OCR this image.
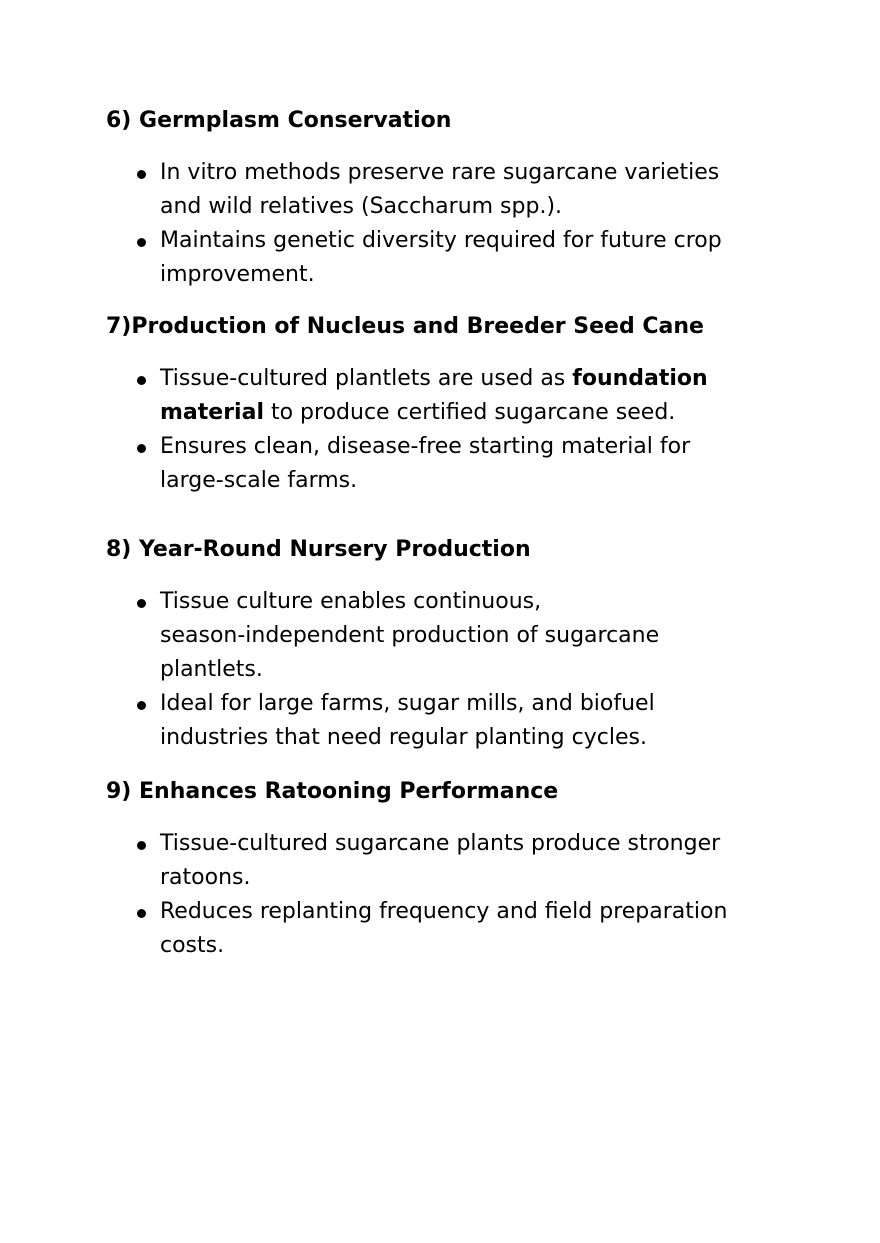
6) Germplasm Conservation
In vitro methods preserve rare sugarcane varieties
and wild relatives (Saccharum spp.).
Maintains genetic diversity required for future crop
improvement.
7)Production of Nucleus and Breeder Seed Cane
Tissue-cultured plantlets are used as foundation
material to produce certified sugarcane seed.
Ensures clean, disease-free starting material for
large-scale farms.
8) Year-Round Nursery Production
Tissue culture enables continuous,
season-independent production of sugarcane
plantlets.
Ideal for large farms, sugar mills, and biofuel
industries that need regular planting cycles.
9) Enhances Ratooning Performance
Tissue-cultured sugarcane plants produce stronger
ratoons.
Reduces replanting frequency and field preparation
costs.
